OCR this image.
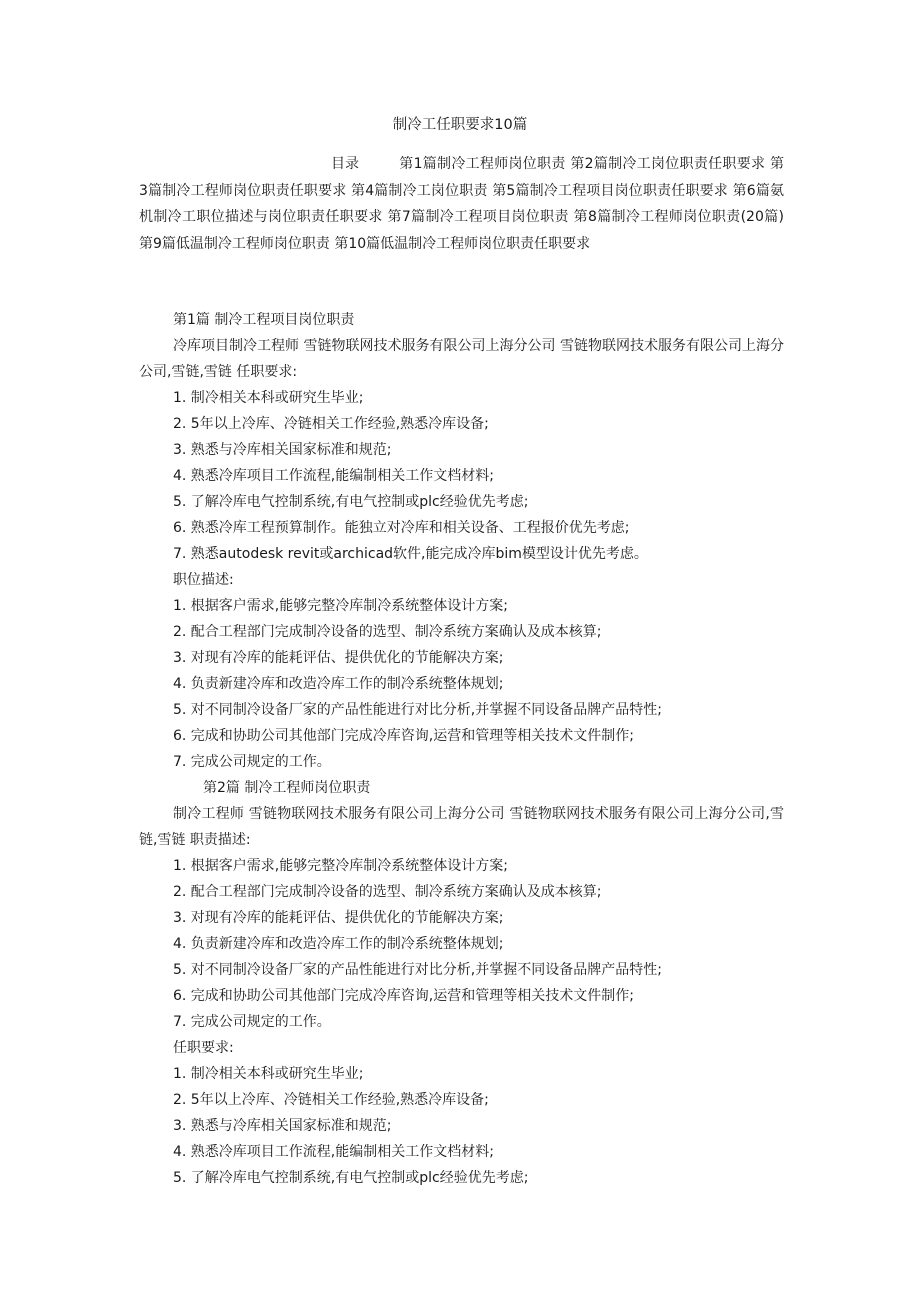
制冷工任职要求10篇
目录	第1篇制冷工程师岗位职责 第2篇制冷工岗位职责任职要求 第3篇制冷工程师岗位职责任职要求 第4篇制冷工岗位职责 第5篇制冷工程项目岗位职责任职要求 第6篇氨机制冷工职位描述与岗位职责任职要求 第7篇制冷工程项目岗位职责 第8篇制冷工程师岗位职责(20篇) 第9篇低温制冷工程师岗位职责 第10篇低温制冷工程师岗位职责任职要求
第1篇 制冷工程项目岗位职责
冷库项目制冷工程师 雪链物联网技术服务有限公司上海分公司 雪链物联网技术服务有限公司上海分公司,雪链,雪链 任职要求:
1. 制冷相关本科或研究生毕业;
2. 5年以上冷库、冷链相关工作经验,熟悉冷库设备;
3. 熟悉与冷库相关国家标准和规范;
4. 熟悉冷库项目工作流程,能编制相关工作文档材料;
5. 了解冷库电气控制系统,有电气控制或plc经验优先考虑;
6. 熟悉冷库工程预算制作。能独立对冷库和相关设备、工程报价优先考虑;
7. 熟悉autodesk revit或archicad软件,能完成冷库bim模型设计优先考虑。
职位描述:
1. 根据客户需求,能够完整冷库制冷系统整体设计方案;
2. 配合工程部门完成制冷设备的选型、制冷系统方案确认及成本核算;
3. 对现有冷库的能耗评估、提供优化的节能解决方案;
4. 负责新建冷库和改造冷库工作的制冷系统整体规划;
5. 对不同制冷设备厂家的产品性能进行对比分析,并掌握不同设备品牌产品特性;
6. 完成和协助公司其他部门完成冷库咨询,运营和管理等相关技术文件制作;
7. 完成公司规定的工作。
第2篇 制冷工程师岗位职责
制冷工程师 雪链物联网技术服务有限公司上海分公司 雪链物联网技术服务有限公司上海分公司,雪链,雪链 职责描述:
1. 根据客户需求,能够完整冷库制冷系统整体设计方案;
2. 配合工程部门完成制冷设备的选型、制冷系统方案确认及成本核算;
3. 对现有冷库的能耗评估、提供优化的节能解决方案;
4. 负责新建冷库和改造冷库工作的制冷系统整体规划;
5. 对不同制冷设备厂家的产品性能进行对比分析,并掌握不同设备品牌产品特性;
6. 完成和协助公司其他部门完成冷库咨询,运营和管理等相关技术文件制作;
7. 完成公司规定的工作。
任职要求:
1. 制冷相关本科或研究生毕业;
2. 5年以上冷库、冷链相关工作经验,熟悉冷库设备;
3. 熟悉与冷库相关国家标准和规范;
4. 熟悉冷库项目工作流程,能编制相关工作文档材料;
5. 了解冷库电气控制系统,有电气控制或plc经验优先考虑;
